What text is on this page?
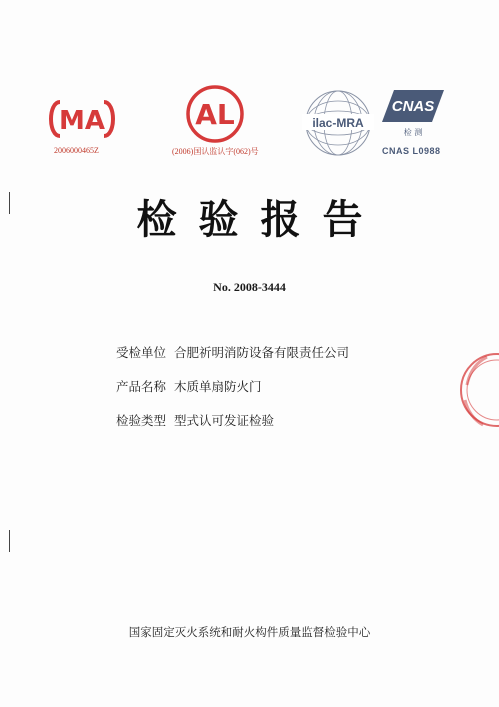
MA
2006000465Z
AL
(2006)国认监认字(062)号
ilac-MRA
CNAS
检 测
CNAS L0988
检验报告
No. 2008-3444
受检单位 合肥祈明消防设备有限责任公司
产品名称 木质单扇防火门
检验类型 型式认可发证检验
国家固定灭火系统和耐火构件质量监督检验中心
